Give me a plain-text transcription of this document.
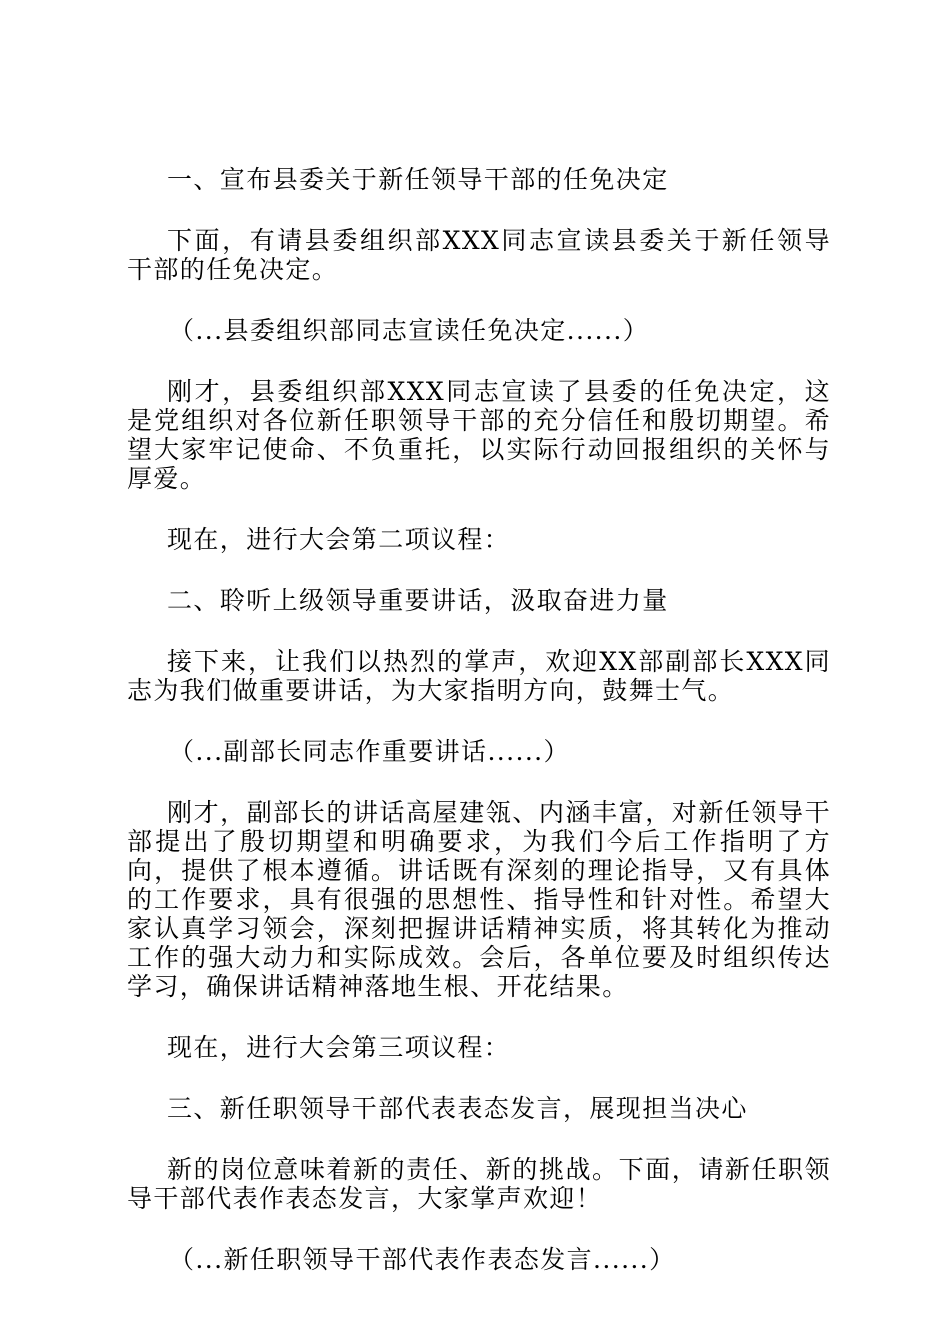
一、宣布县委关于新任领导干部的任免决定

下面，有请县委组织部XXX同志宣读县委关于新任领导干部的任免决定。

（...县委组织部同志宣读任免决定......）

刚才，县委组织部XXX同志宣读了县委的任免决定，这是党组织对各位新任职领导干部的充分信任和殷切期望。希望大家牢记使命、不负重托，以实际行动回报组织的关怀与厚爱。

现在，进行大会第二项议程：

二、聆听上级领导重要讲话，汲取奋进力量

接下来，让我们以热烈的掌声，欢迎XX部副部长XXX同志为我们做重要讲话，为大家指明方向，鼓舞士气。

（...副部长同志作重要讲话......）

刚才，副部长的讲话高屋建瓴、内涵丰富，对新任领导干部提出了殷切期望和明确要求，为我们今后工作指明了方向，提供了根本遵循。讲话既有深刻的理论指导，又有具体的工作要求，具有很强的思想性、指导性和针对性。希望大家认真学习领会，深刻把握讲话精神实质，将其转化为推动工作的强大动力和实际成效。会后，各单位要及时组织传达学习，确保讲话精神落地生根、开花结果。

现在，进行大会第三项议程：

三、新任职领导干部代表表态发言，展现担当决心

新的岗位意味着新的责任、新的挑战。下面，请新任职领导干部代表作表态发言，大家掌声欢迎！

（...新任职领导干部代表作表态发言......）
